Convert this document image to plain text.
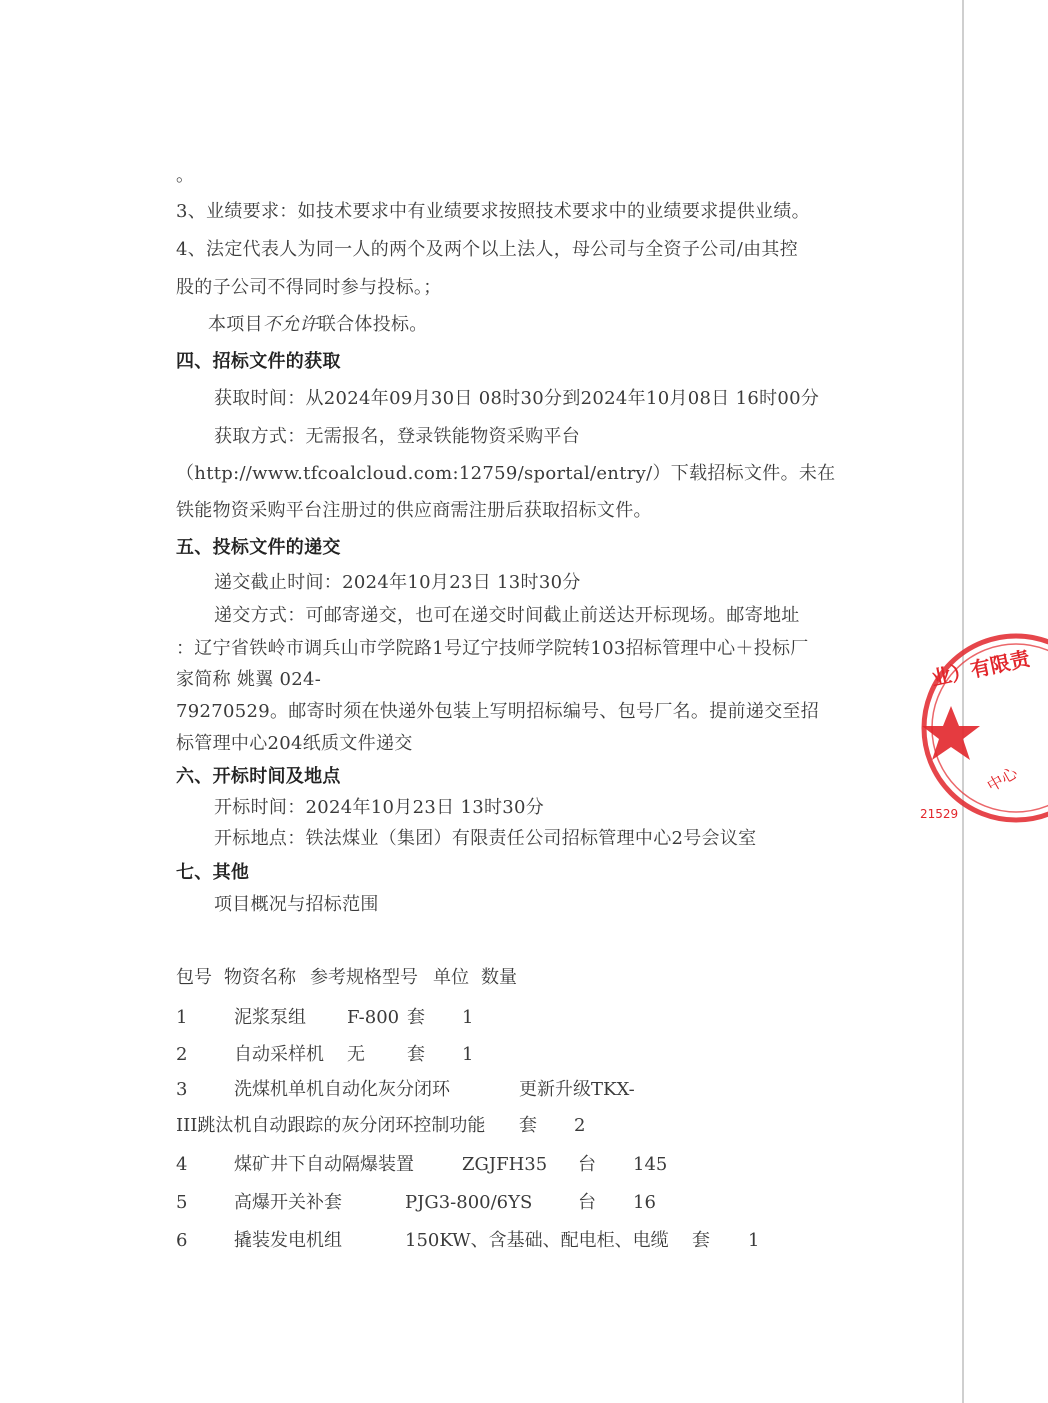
。
3、业绩要求：如技术要求中有业绩要求按照技术要求中的业绩要求提供业绩。
4、法定代表人为同一人的两个及两个以上法人，母公司与全资子公司/由其控
股的子公司不得同时参与投标。；
本项目不允许联合体投标。
四、招标文件的获取
获取时间：从2024年09月30日 08时30分到2024年10月08日 16时00分
获取方式：无需报名，登录铁能物资采购平台
（http://www.tfcoalcloud.com:12759/sportal/entry/）下载招标文件。未在
铁能物资采购平台注册过的供应商需注册后获取招标文件。
五、投标文件的递交
递交截止时间：2024年10月23日 13时30分
递交方式：可邮寄递交，也可在递交时间截止前送达开标现场。邮寄地址
：辽宁省铁岭市调兵山市学院路1号辽宁技师学院转103招标管理中心＋投标厂
家简称 姚翼 024-
79270529。邮寄时须在快递外包装上写明招标编号、包号厂名。提前递交至招
标管理中心204纸质文件递交
六、开标时间及地点
开标时间：2024年10月23日 13时30分
开标地点：铁法煤业（集团）有限责任公司招标管理中心2号会议室
七、其他
项目概况与招标范围
包号 物资名称 参考规格型号 单位 数量
1	泥浆泵组 F-800 套 1
2	自动采样机 无 套 1
3	洗煤机单机自动化灰分闭环	更新升级TKX-
III跳汰机自动跟踪的灰分闭环控制功能 套 2
4	煤矿井下自动隔爆装置	ZGJFH35 台 145
5	高爆开关补套	PJG3-800/6YS	台 16
6	撬装发电机组	150KW、含基础、配电柜、电缆 套 1
业）有限责
中心
21529
